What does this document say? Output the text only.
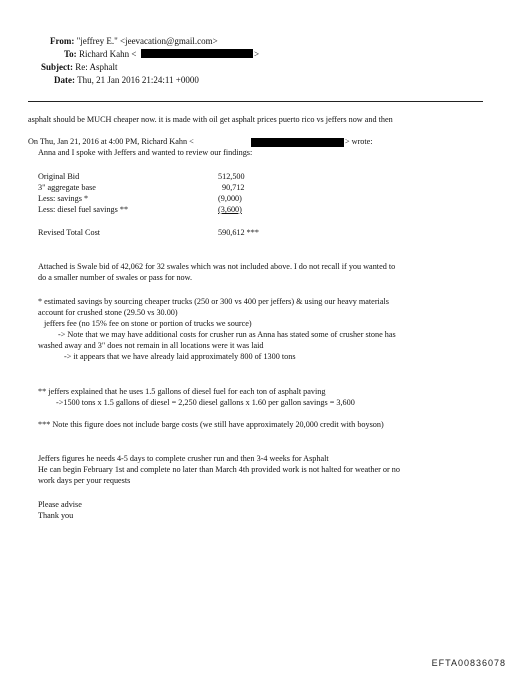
From: "jeffrey E." <jeevacation@gmail.com>
To: Richard Kahn <	>
Subject: Re: Asphalt
Date: Thu, 21 Jan 2016 21:24:11 +0000
asphalt should be MUCH cheaper now. it is made with oil get asphalt prices puerto rico vs jeffers now and then
On Thu, Jan 21, 2016 at 4:00 PM, Richard Kahn <	> wrote:
Anna and I spoke with Jeffers and wanted to review our findings:
Original Bid	512,500
3" aggregate base	90,712
Less: savings *	(9,000)
Less: diesel fuel savings **	(3,600)
Revised Total Cost	590,612 ***
Attached is Swale bid of 42,062 for 32 swales which was not included above. I do not recall if you wanted to
do a smaller number of swales or pass for now.
* estimated savings by sourcing cheaper trucks (250 or 300 vs 400 per jeffers) & using our heavy materials
account for crushed stone (29.50 vs 30.00)
jeffers fee (no 15% fee on stone or portion of trucks we source)
-> Note that we may have additional costs for crusher run as Anna has stated some of crusher stone has
washed away and 3" does not remain in all locations were it was laid
-> it appears that we have already laid approximately 800 of 1300 tons
** jeffers explained that he uses 1.5 gallons of diesel fuel for each ton of asphalt paving
->1500 tons x 1.5 gallons of diesel = 2,250 diesel gallons x 1.60 per gallon savings = 3,600
*** Note this figure does not include barge costs (we still have approximately 20,000 credit with boyson)
Jeffers figures he needs 4-5 days to complete crusher run and then 3-4 weeks for Asphalt
He can begin February 1st and complete no later than March 4th provided work is not halted for weather or no
work days per your requests
Please advise
Thank you
EFTA00836078
